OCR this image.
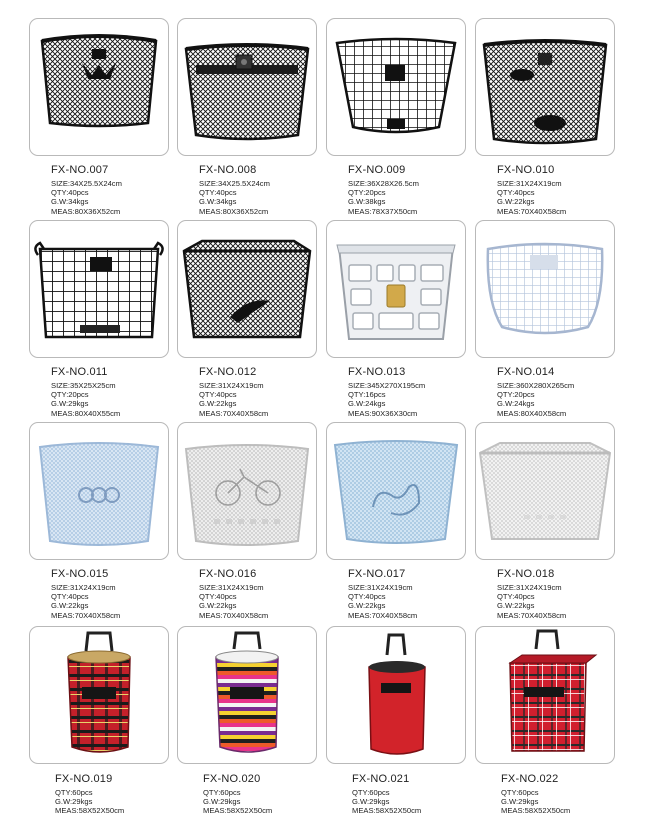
FX-NO.007
SIZE:34X25.5X24cm
QTY:40pcs
G.W:34kgs
MEAS:80X36X52cm
FX-NO.008
SIZE:34X25.5X24cm
QTY:40pcs
G.W:34kgs
MEAS:80X36X52cm
FX-NO.009
SIZE:36X28X26.5cm
QTY:20pcs
G.W:38kgs
MEAS:78X37X50cm
FX-NO.010
SIZE:31X24X19cm
QTY:40pcs
G.W:22kgs
MEAS:70X40X58cm
FX-NO.011
SIZE:35X25X25cm
QTY:20pcs
G.W:29kgs
MEAS:80X40X55cm
FX-NO.012
SIZE:31X24X19cm
QTY:40pcs
G.W:22kgs
MEAS:70X40X58cm
FX-NO.013
SIZE:345X270X195cm
QTY:16pcs
G.W:24kgs
MEAS:90X36X30cm
FX-NO.014
SIZE:360X280X265cm
QTY:20pcs
G.W:24kgs
MEAS:80X40X58cm
FX-NO.015
SIZE:31X24X19cm
QTY:40pcs
G.W:22kgs
MEAS:70X40X58cm
FX-NO.016
SIZE:31X24X19cm
QTY:40pcs
G.W:22kgs
MEAS:70X40X58cm
FX-NO.017
SIZE:31X24X19cm
QTY:40pcs
G.W:22kgs
MEAS:70X40X58cm
FX-NO.018
SIZE:31X24X19cm
QTY:40pcs
G.W:22kgs
MEAS:70X40X58cm
FX-NO.019
QTY:60pcs
G.W:29kgs
MEAS:58X52X50cm
FX-NO.020
QTY:60pcs
G.W:29kgs
MEAS:58X52X50cm
FX-NO.021
QTY:60pcs
G.W:29kgs
MEAS:58X52X50cm
FX-NO.022
QTY:60pcs
G.W:29kgs
MEAS:58X52X50cm
